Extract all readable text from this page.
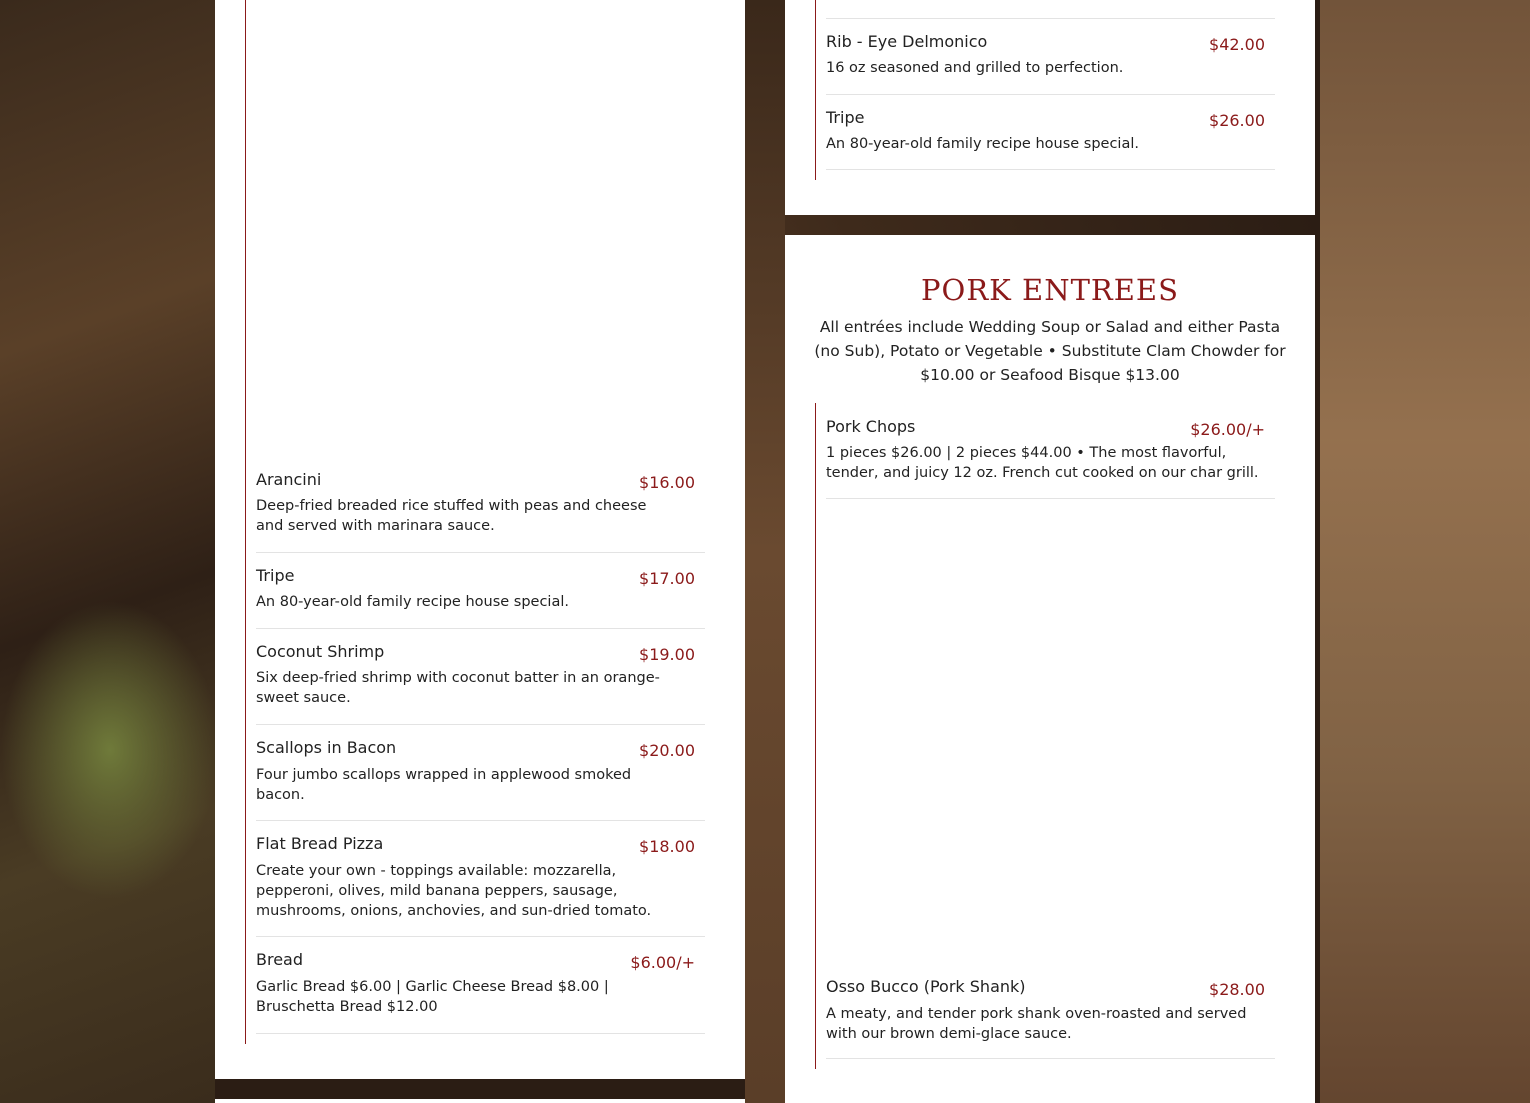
Arancini	$16.00
Deep-fried breaded rice stuffed with peas and cheese and served with marinara sauce.
Tripe	$17.00
An 80-year-old family recipe house special.
Coconut Shrimp	$19.00
Six deep-fried shrimp with coconut batter in an orange-sweet sauce.
Scallops in Bacon	$20.00
Four jumbo scallops wrapped in applewood smoked bacon.
Flat Bread Pizza	$18.00
Create your own - toppings available: mozzarella, pepperoni, olives, mild banana peppers, sausage, mushrooms, onions, anchovies, and sun-dried tomato.
Bread	$6.00/+
Garlic Bread $6.00 | Garlic Cheese Bread $8.00 | Bruschetta Bread $12.00
Rib - Eye Delmonico	$42.00
16 oz seasoned and grilled to perfection.
Tripe	$26.00
An 80-year-old family recipe house special.
PORK ENTREES

All entrées include Wedding Soup or Salad and either Pasta (no Sub), Potato or Vegetable • Substitute Clam Chowder for $10.00 or Seafood Bisque $13.00

Pork Chops	$26.00/+
1 pieces $26.00 | 2 pieces $44.00 • The most flavorful, tender, and juicy 12 oz. French cut cooked on our char grill.
Osso Bucco (Pork Shank)	$28.00
A meaty, and tender pork shank oven-roasted and served with our brown demi-glace sauce.
